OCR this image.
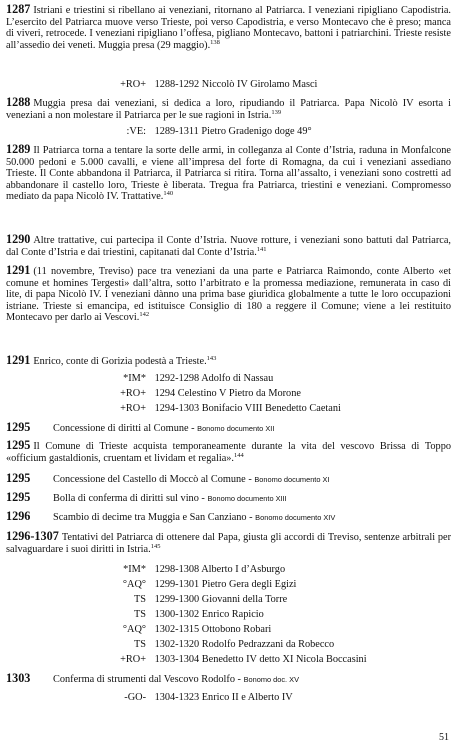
1287 Istriani e triestini si ribellano ai veneziani, ritornano al Patriarca. I veneziani ripigliano Capodistria. L’esercito del Patriarca muove verso Trieste, poi verso Capodistria, e verso Montecavo che è preso; manca di viveri, retrocede. I veneziani ripigliano l’offesa, pigliano Montecavo, battoni i patriarchini. Trieste resiste all’assedio dei veneti. Muggia presa (29 maggio).$^{138}$
+RO+ 1288-1292 Niccolò IV Girolamo Masci
1288 Muggia presa dai veneziani, si dedica a loro, ripudiando il Patriarca. Papa Nicolò IV esorta i veneziani a non molestare il Patriarca per le sue ragioni in Istria.$^{139}$
:VE: 1289-1311 Pietro Gradenigo doge 49°
1289 Il Patriarca torna a tentare la sorte delle armi, in colleganza al Conte d’Istria, raduna in Monfalcone 50.000 pedoni e 5.000 cavalli, e viene all’impresa del forte di Romagna, da cui i veneziani assediano Trieste. Il Conte abbandona il Patriarca, il Patriarca si ritira. Torna all’assalto, i veneziani sono costretti ad abbandonare il castello loro, Trieste è liberata. Tregua fra Patriarca, triestini e veneziani. Compromesso mediato da papa Nicolò IV. Trattative.$^{140}$
1290 Altre trattative, cui partecipa il Conte d’Istria. Nuove rotture, i veneziani sono battuti dal Patriarca, dal Conte d’Istria e dai triestini, capitanati dal Conte d’Istria.$^{141}$
1291 (11 novembre, Treviso) pace tra veneziani da una parte e Patriarca Raimondo, conte Alberto «et comune et homines Tergesti» dall’altra, sotto l’arbitrato e la promessa mediazione, remunerata in caso di lite, di papa Nicolò IV. I veneziani dànno una prima base giuridica globalmente a tutte le loro occupazioni istriane. Trieste si emancipa, ed istituisce Consiglio di 180 a reggere il Comune; viene a lei restituito Montecavo per darlo ai Vescovi.$^{142}$
1291 Enrico, conte di Gorizia podestà a Trieste.$^{143}$
*IM* 1292-1298 Adolfo di Nassau
+RO+ 1294 Celestino V Pietro da Morone
+RO+ 1294-1303 Bonifacio VIII Benedetto Caetani
1295 Concessione di diritti al Comune - Bonomo documento XII
1295 Il Comune di Trieste acquista temporaneamente durante la vita del vescovo Brissa di Toppo «officium gastaldionis, cruentam et lividam et regalia».$^{144}$
1295 Concessione del Castello di Moccò al Comune - Bonomo documento XI
1295 Bolla di conferma di diritti sul vino - Bonomo documento XIII
1296 Scambio di decime tra Muggia e San Canziano - Bonomo documento XIV
1296-1307 Tentativi del Patriarca di ottenere dal Papa, giusta gli accordi di Treviso, sentenze arbitrali per salvaguardare i suoi diritti in Istria.$^{145}$
*IM* 1298-1308 Alberto I d’Asburgo
°AQ° 1299-1301 Pietro Gera degli Egizi
TS 1299-1300 Giovanni della Torre
TS 1300-1302 Enrico Rapicio
°AQ° 1302-1315 Ottobono Robari
TS 1302-1320 Rodolfo Pedrazzani da Robecco
+RO+ 1303-1304 Benedetto IV detto XI Nicola Boccasini
1303 Conferma di strumenti dal Vescovo Rodolfo - Bonomo doc. XV
-GO- 1304-1323 Enrico II e Alberto IV
51
